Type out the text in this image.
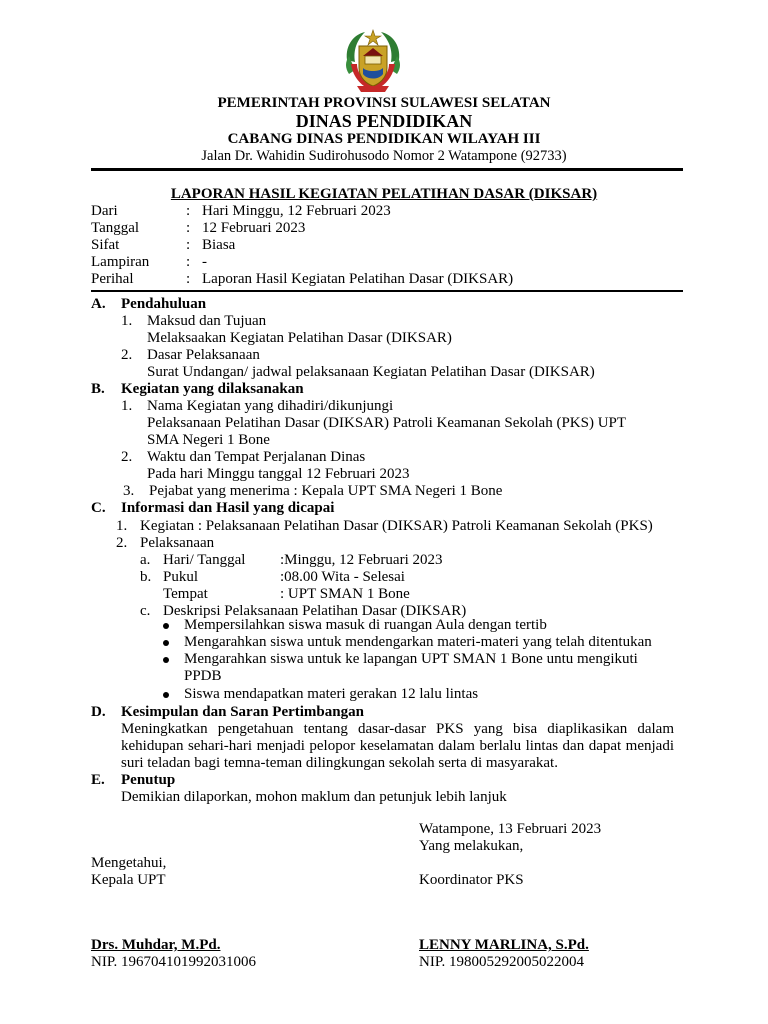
PEMERINTAH PROVINSI SULAWESI SELATAN
DINAS PENDIDIKAN
CABANG DINAS PENDIDIKAN WILAYAH III
Jalan Dr. Wahidin Sudirohusodo Nomor 2 Watampone (92733)
LAPORAN HASIL KEGIATAN PELATIHAN DASAR (DIKSAR)
Dari	: Hari Minggu, 12 Februari 2023
Tanggal	: 12 Februari 2023
Sifat	: Biasa
Lampiran : -
Perihal	: Laporan Hasil Kegiatan Pelatihan Dasar (DIKSAR)
A. Pendahuluan
1. Maksud dan Tujuan
Melaksaakan Kegiatan Pelatihan Dasar (DIKSAR)
2. Dasar Pelaksanaan
Surat Undangan/ jadwal pelaksanaan Kegiatan Pelatihan Dasar (DIKSAR)
B. Kegiatan yang dilaksanakan
1. Nama Kegiatan yang dihadiri/dikunjungi
Pelaksanaan Pelatihan Dasar (DIKSAR) Patroli Keamanan Sekolah (PKS) UPT
SMA Negeri 1 Bone
2. Waktu dan Tempat Perjalanan Dinas
Pada hari Minggu tanggal 12 Februari 2023
3. Pejabat yang menerima : Kepala UPT SMA Negeri 1 Bone
C. Informasi dan Hasil yang dicapai
1. Kegiatan : Pelaksanaan Pelatihan Dasar (DIKSAR) Patroli Keamanan Sekolah (PKS)
2. Pelaksanaan
a. Hari/ Tanggal :Minggu, 12 Februari 2023
b. Pukul	:08.00 Wita - Selesai
Tempat	: UPT SMAN 1 Bone
c. Deskripsi Pelaksanaan Pelatihan Dasar (DIKSAR)
Mempersilahkan siswa masuk di ruangan Aula dengan tertib
Mengarahkan siswa untuk mendengarkan materi-materi yang telah ditentukan
Mengarahkan siswa untuk ke lapangan UPT SMAN 1 Bone untu mengikuti
PPDB
Siswa mendapatkan materi gerakan 12 lalu lintas
D. Kesimpulan dan Saran Pertimbangan
Meningkatkan pengetahuan tentang dasar-dasar PKS yang bisa diaplikasikan dalam kehidupan sehari-hari menjadi pelopor keselamatan dalam berlalu lintas dan dapat menjadi suri teladan bagi temna-teman dilingkungan sekolah serta di masyarakat.
E. Penutup
Demikian dilaporkan, mohon maklum dan petunjuk lebih lanjuk
Watampone, 13 Februari 2023
Yang melakukan,
Mengetahui,
Kepala UPT	Koordinator PKS
Drs. Muhdar, M.Pd.
NIP. 196704101992031006
LENNY MARLINA, S.Pd.
NIP. 198005292005022004
